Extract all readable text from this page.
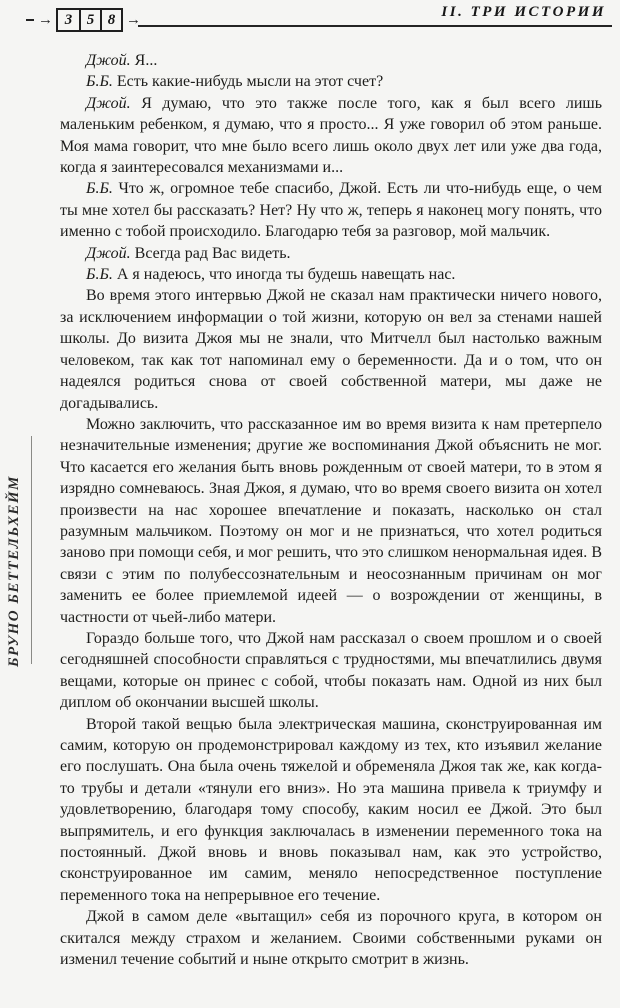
→ 3 5 8 →	II. ТРИ ИСТОРИИ
БРУНО БЕТТЕЛЬХЕЙМ

Джой. Я...

Б.Б. Есть какие-нибудь мысли на этот счет?

Джой. Я думаю, что это также после того, как я был всего лишь маленьким ребенком, я думаю, что я просто... Я уже говорил об этом раньше. Моя мама говорит, что мне было всего лишь около двух лет или уже два года, когда я заинтересовался механизмами и...

Б.Б. Что ж, огромное тебе спасибо, Джой. Есть ли что-нибудь еще, о чем ты мне хотел бы рассказать? Нет? Ну что ж, теперь я наконец могу понять, что именно с тобой происходило. Благодарю тебя за разговор, мой мальчик.

Джой. Всегда рад Вас видеть.

Б.Б. А я надеюсь, что иногда ты будешь навещать нас.

Во время этого интервью Джой не сказал нам практически ничего нового, за исключением информации о той жизни, которую он вел за стенами нашей школы. До визита Джоя мы не знали, что Митчелл был настолько важным человеком, так как тот напоминал ему о беременности. Да и о том, что он надеялся родиться снова от своей собственной матери, мы даже не догадывались.

Можно заключить, что рассказанное им во время визита к нам претерпело незначительные изменения; другие же воспоминания Джой объяснить не мог. Что касается его желания быть вновь рожденным от своей матери, то в этом я изрядно сомневаюсь. Зная Джоя, я думаю, что во время своего визита он хотел произвести на нас хорошее впечатление и показать, насколько он стал разумным мальчиком. Поэтому он мог и не признаться, что хотел родиться заново при помощи себя, и мог решить, что это слишком ненормальная идея. В связи с этим по полубессознательным и неосознанным причинам он мог заменить ее более приемлемой идеей — о возрождении от женщины, в частности от чьей-либо матери.

Гораздо больше того, что Джой нам рассказал о своем прошлом и о своей сегодняшней способности справляться с трудностями, мы впечатлились двумя вещами, которые он принес с собой, чтобы показать нам. Одной из них был диплом об окончании высшей школы.

Второй такой вещью была электрическая машина, сконструированная им самим, которую он продемонстрировал каждому из тех, кто изъявил желание его послушать. Она была очень тяжелой и обременяла Джоя так же, как когда-то трубы и детали «тянули его вниз». Но эта машина привела к триумфу и удовлетворению, благодаря тому способу, каким носил ее Джой. Это был выпрямитель, и его функция заключалась в изменении переменного тока на постоянный. Джой вновь и вновь показывал нам, как это устройство, сконструированное им самим, меняло непосредственное поступление переменного тока на непрерывное его течение.

Джой в самом деле «вытащил» себя из порочного круга, в котором он скитался между страхом и желанием. Своими собственными руками он изменил течение событий и ныне открыто смотрит в жизнь.
